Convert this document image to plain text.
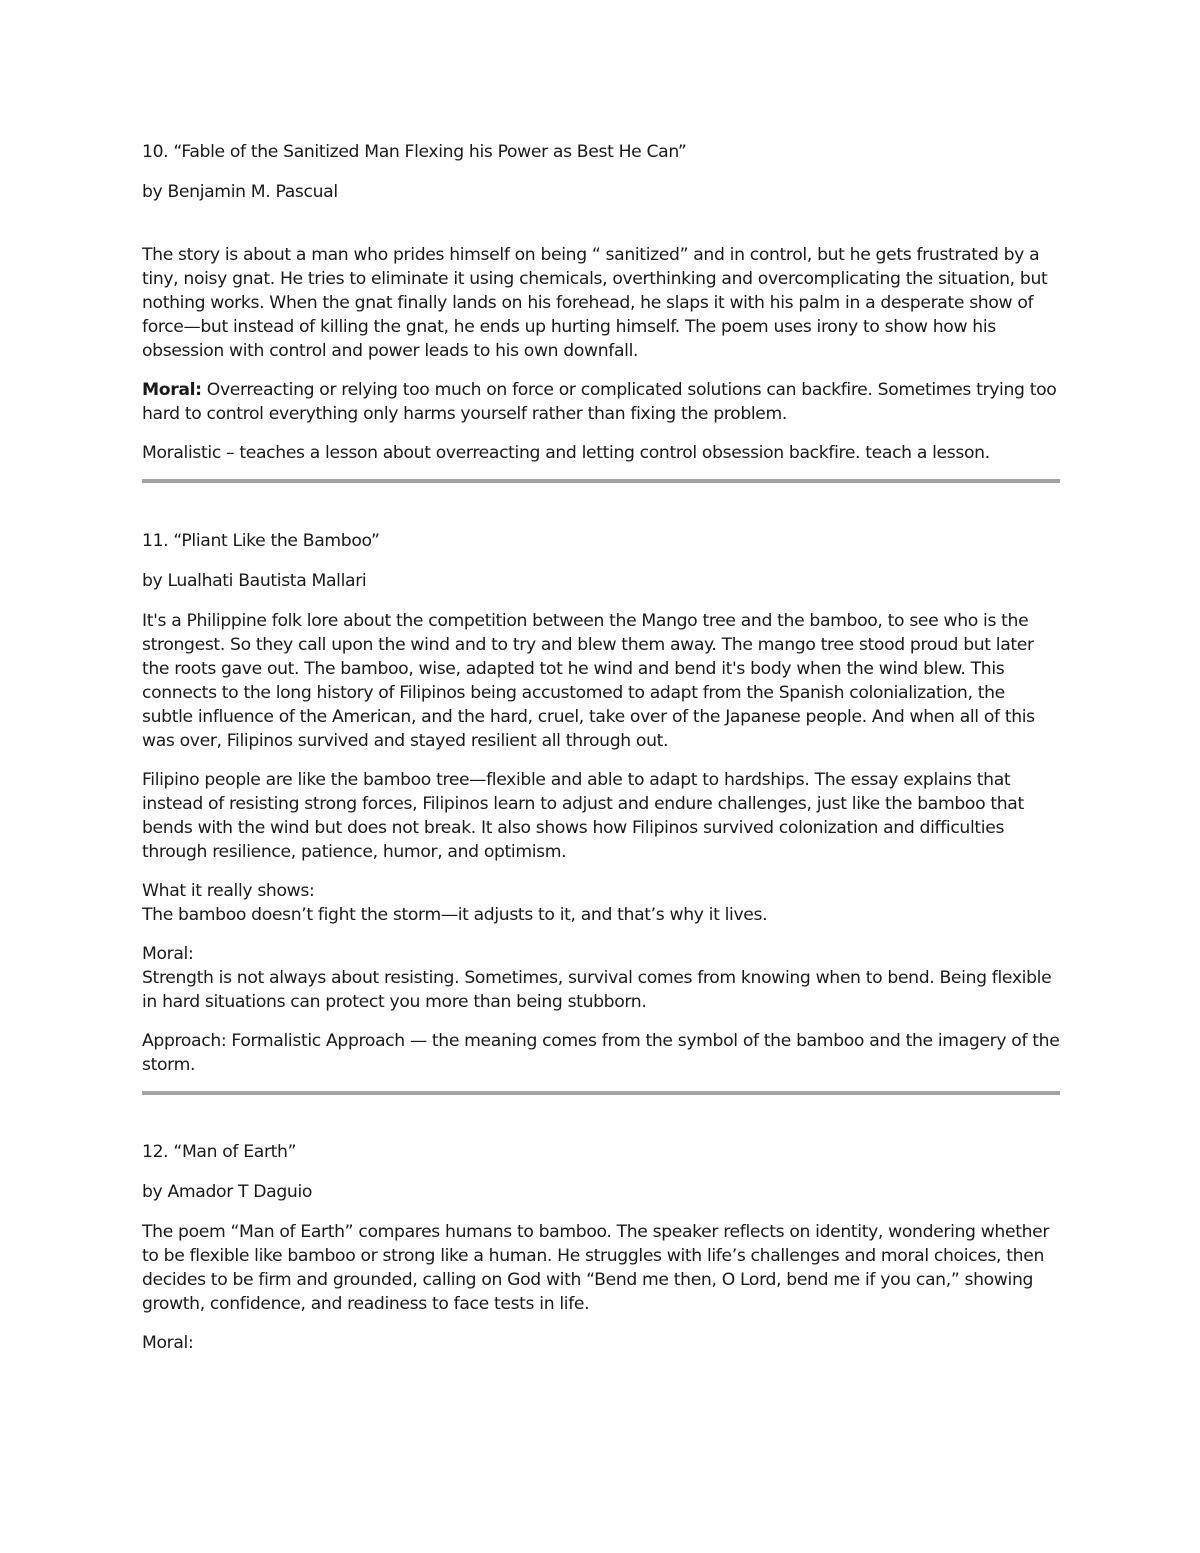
10. “Fable of the Sanitized Man Flexing his Power as Best He Can”

by Benjamin M. Pascual

The story is about a man who prides himself on being “ sanitized” and in control, but he gets frustrated by a tiny, noisy gnat. He tries to eliminate it using chemicals, overthinking and overcomplicating the situation, but nothing works. When the gnat finally lands on his forehead, he slaps it with his palm in a desperate show of force—but instead of killing the gnat, he ends up hurting himself. The poem uses irony to show how his obsession with control and power leads to his own downfall.

Moral: Overreacting or relying too much on force or complicated solutions can backfire. Sometimes trying too hard to control everything only harms yourself rather than fixing the problem.

Moralistic – teaches a lesson about overreacting and letting control obsession backfire. teach a lesson.

11. “Pliant Like the Bamboo”

by Lualhati Bautista Mallari

It's a Philippine folk lore about the competition between the Mango tree and the bamboo, to see who is the strongest. So they call upon the wind and to try and blew them away. The mango tree stood proud but later the roots gave out. The bamboo, wise, adapted tot he wind and bend it's body when the wind blew. This connects to the long history of Filipinos being accustomed to adapt from the Spanish colonialization, the subtle influence of the American, and the hard, cruel, take over of the Japanese people. And when all of this was over, Filipinos survived and stayed resilient all through out.

Filipino people are like the bamboo tree—flexible and able to adapt to hardships. The essay explains that instead of resisting strong forces, Filipinos learn to adjust and endure challenges, just like the bamboo that bends with the wind but does not break. It also shows how Filipinos survived colonization and difficulties through resilience, patience, humor, and optimism.

What it really shows:

The bamboo doesn’t fight the storm—it adjusts to it, and that’s why it lives.

Moral:

Strength is not always about resisting. Sometimes, survival comes from knowing when to bend. Being flexible in hard situations can protect you more than being stubborn.

Approach: Formalistic Approach — the meaning comes from the symbol of the bamboo and the imagery of the storm.

12. “Man of Earth”

by Amador T Daguio

The poem “Man of Earth” compares humans to bamboo. The speaker reflects on identity, wondering whether to be flexible like bamboo or strong like a human. He struggles with life’s challenges and moral choices, then decides to be firm and grounded, calling on God with “Bend me then, O Lord, bend me if you can,” showing growth, confidence, and readiness to face tests in life.

Moral:
